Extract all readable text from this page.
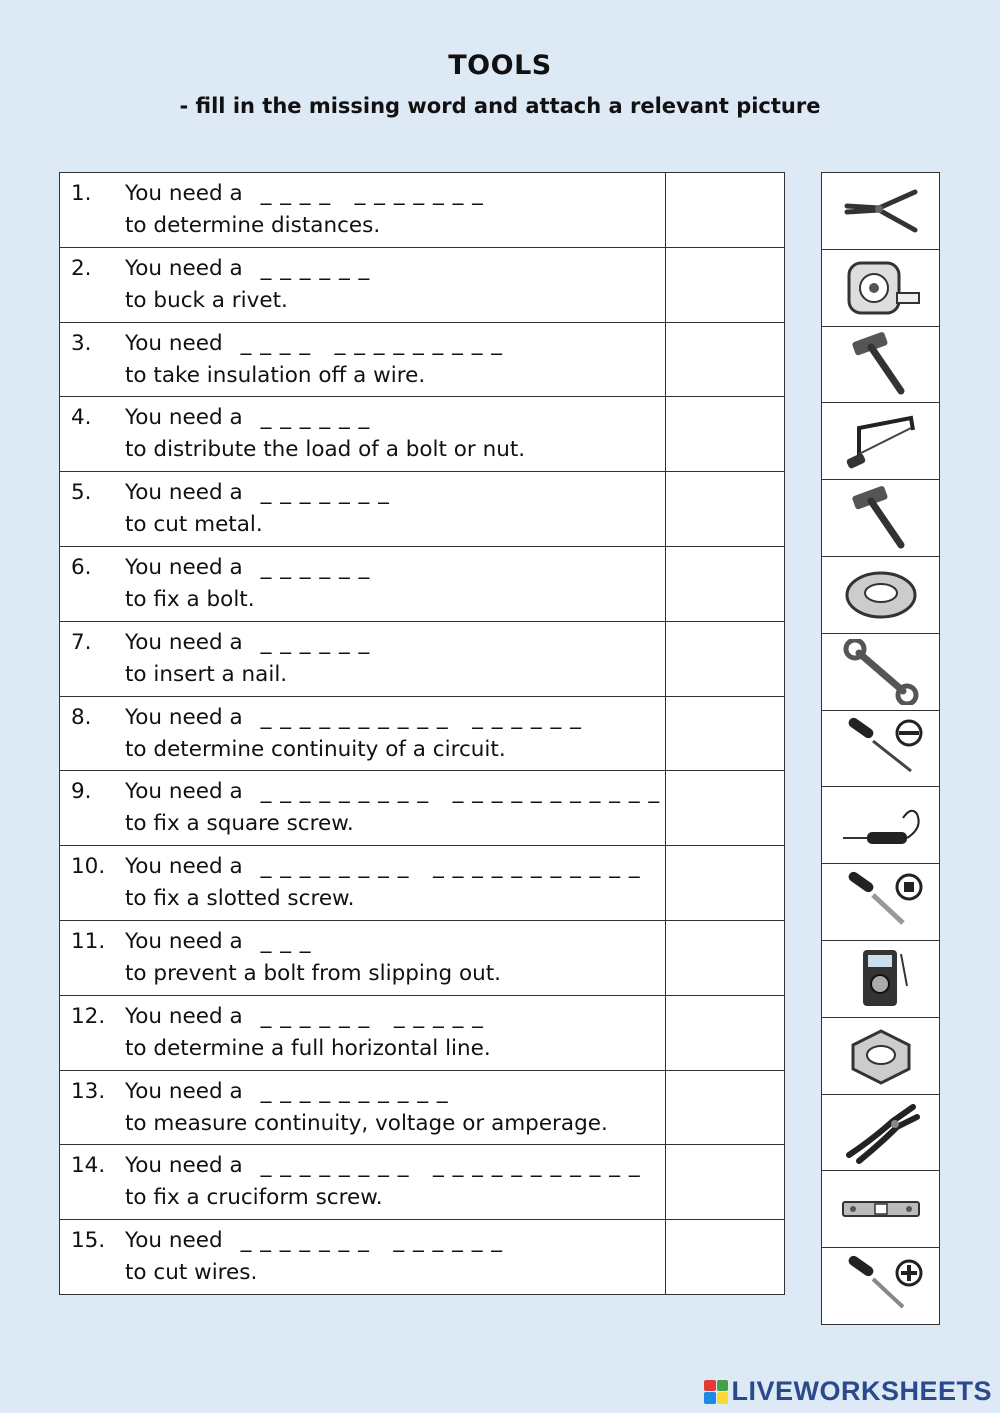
TOOLS
- fill in the missing word and attach a relevant picture
1. You need a _ _ _ _   _ _ _ _ _ _ _
to determine distances.	

2. You need a _ _ _ _ _ _
to buck a rivet.	

3. You need _ _ _ _   _ _ _ _ _ _ _ _ _
to take insulation off a wire.	

4. You need a _ _ _ _ _ _
to distribute the load of a bolt or nut.	

5. You need a _ _ _ _ _ _ _
to cut metal.	

6. You need a _ _ _ _ _ _
to fix a bolt.	

7. You need a _ _ _ _ _ _
to insert a nail.	

8. You need a _ _ _ _ _ _ _ _ _ _   _ _ _ _ _ _
to determine continuity of a circuit.	

9. You need a _ _ _ _ _ _ _ _ _   _ _ _ _ _ _ _ _ _ _ _
to fix a square screw.	

10. You need a _ _ _ _ _ _ _ _   _ _ _ _ _ _ _ _ _ _ _
to fix a slotted screw.	

11. You need a _ _ _
to prevent a bolt from slipping out.	

12. You need a _ _ _ _ _ _   _ _ _ _ _
to determine a full horizontal line.	

13. You need a _ _ _ _ _ _ _ _ _ _
to measure continuity, voltage or amperage.	

14. You need a _ _ _ _ _ _ _ _   _ _ _ _ _ _ _ _ _ _ _
to fix a cruciform screw.	

15. You need _ _ _ _ _ _ _   _ _ _ _ _ _
to cut wires.	

LIVEWORKSHEETS
